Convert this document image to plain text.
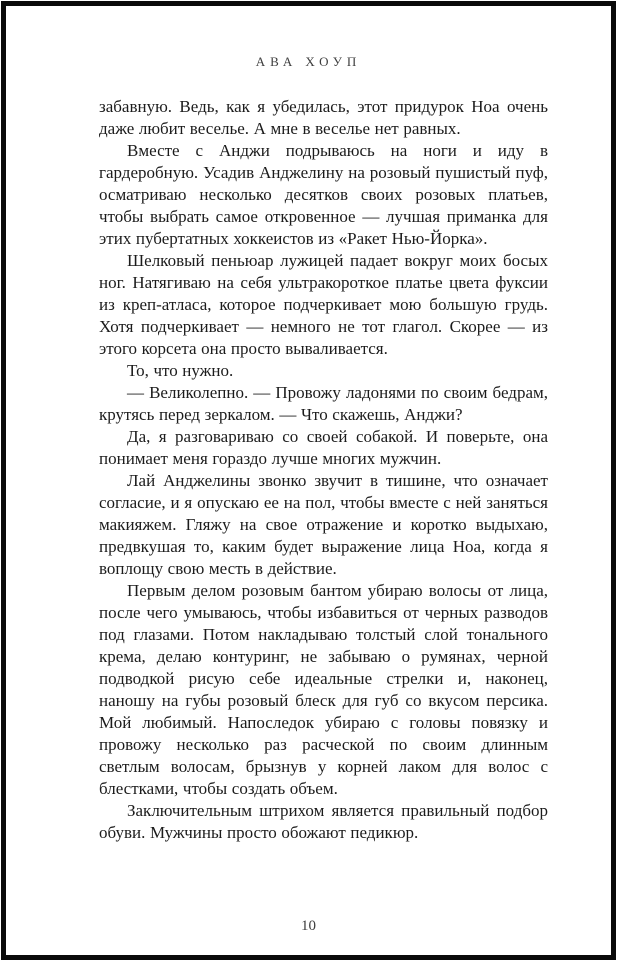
АВА ХОУП

забавную. Ведь, как я убедилась, этот придурок Ноа очень даже любит веселье. А мне в веселье нет равных.

Вместе с Анджи подрываюсь на ноги и иду в гардеробную. Усадив Анджелину на розовый пушистый пуф, осматриваю несколько десятков своих розовых платьев, чтобы выбрать самое откровенное — лучшая приманка для этих пубертатных хоккеистов из «Ракет Нью-Йорка».

Шелковый пеньюар лужицей падает вокруг моих босых ног. Натягиваю на себя ультракороткое платье цвета фуксии из креп-атласа, которое подчеркивает мою большую грудь. Хотя подчеркивает — немного не тот глагол. Скорее — из этого корсета она просто вываливается.

То, что нужно.

— Великолепно. — Провожу ладонями по своим бедрам, крутясь перед зеркалом. — Что скажешь, Анджи?

Да, я разговариваю со своей собакой. И поверьте, она понимает меня гораздо лучше многих мужчин.

Лай Анджелины звонко звучит в тишине, что означает согласие, и я опускаю ее на пол, чтобы вместе с ней заняться макияжем. Гляжу на свое отражение и коротко выдыхаю, предвкушая то, каким будет выражение лица Ноа, когда я воплощу свою месть в действие.

Первым делом розовым бантом убираю волосы от лица, после чего умываюсь, чтобы избавиться от черных разводов под глазами. Потом накладываю толстый слой тонального крема, делаю контуринг, не забываю о румянах, черной подводкой рисую себе идеальные стрелки и, наконец, наношу на губы розовый блеск для губ со вкусом персика. Мой любимый. Напоследок убираю с головы повязку и провожу несколько раз расческой по своим длинным светлым волосам, брызнув у корней лаком для волос с блестками, чтобы создать объем.

Заключительным штрихом является правильный подбор обуви. Мужчины просто обожают педикюр.

10
